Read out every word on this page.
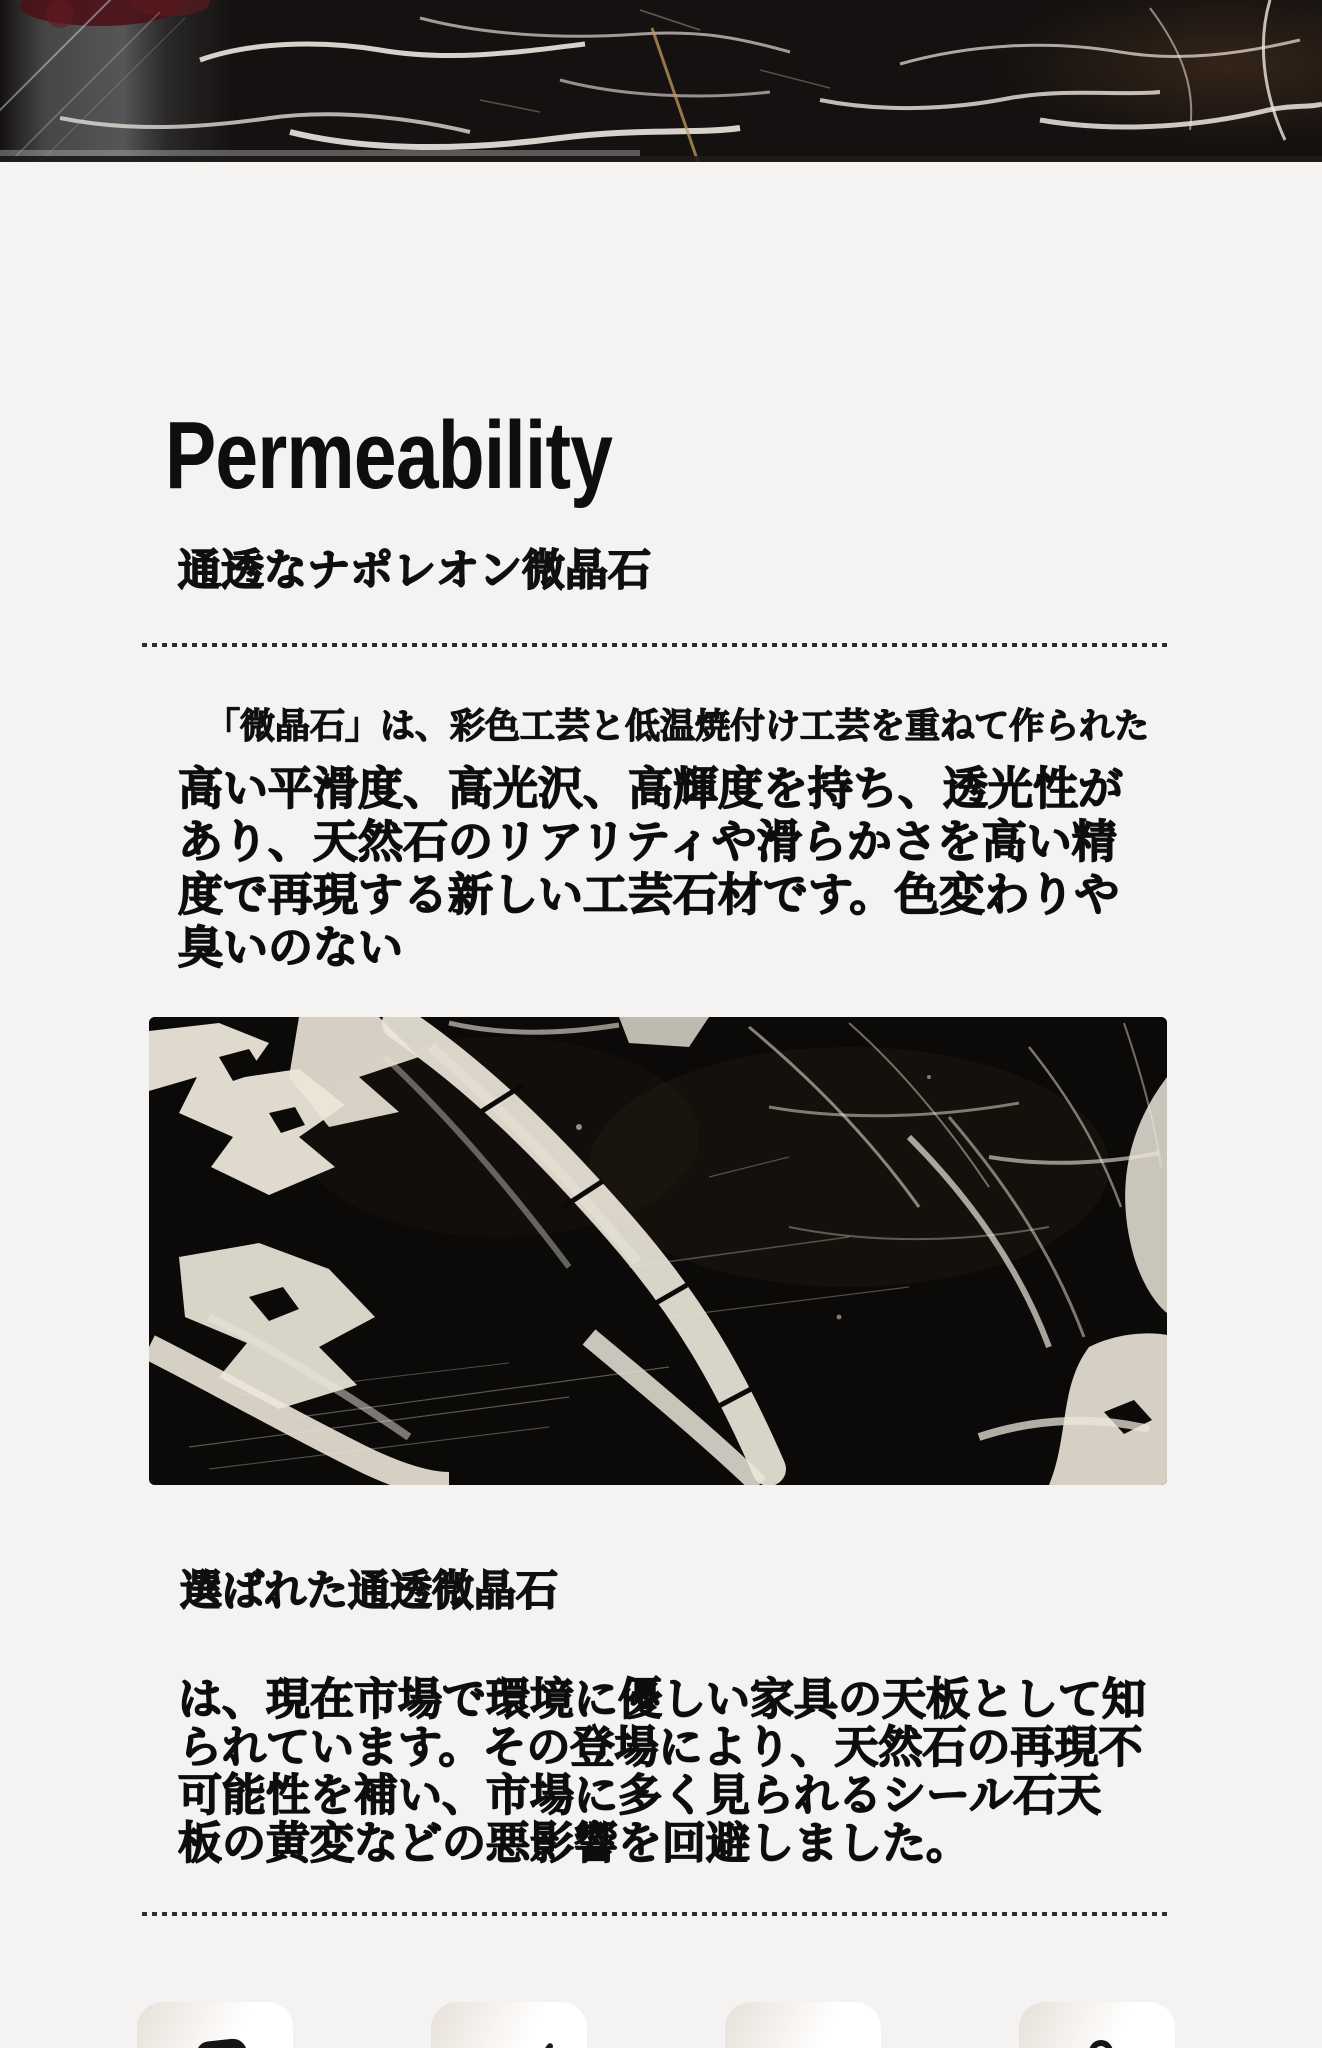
Permeability
通透なナポレオン微晶石
「微晶石」は、彩色工芸と低温焼付け工芸を重ねて作られた
高い平滑度、高光沢、高輝度を持ち、透光性が
あり、天然石のリアリティや滑らかさを高い精
度で再現する新しい工芸石材です。色変わりや
臭いのない
選ばれた通透微晶石
は、現在市場で環境に優しい家具の天板として知
られています。その登場により、天然石の再現不
可能性を補い、市場に多く見られるシール石天
板の黄変などの悪影響を回避しました。
